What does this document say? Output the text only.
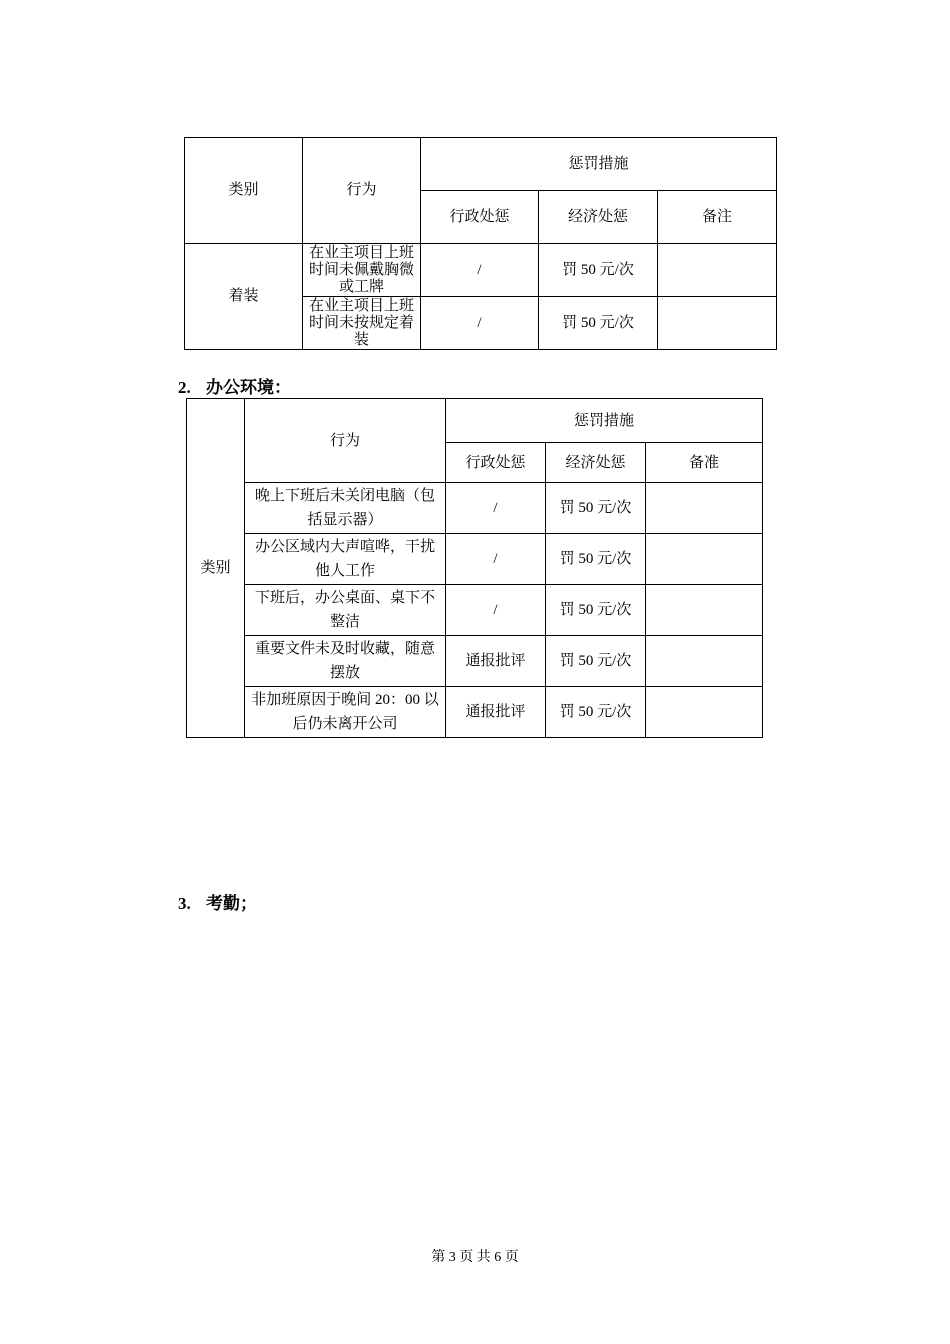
类别	行为	惩罚措施		
		行政处惩	经济处惩	备注
着装	在业主项目上班时间未佩戴胸微或工牌	/	罚 50 元/次	
	在业主项目上班时间未按规定着装	/	罚 50 元/次	

2. 办公环境：

类别	行为	惩罚措施		
		行政处惩	经济处惩	备准
	晚上下班后未关闭电脑（包括显示器）	/	罚 50 元/次	
	办公区域内大声喧哗，干扰他人工作	/	罚 50 元/次	
	下班后，办公桌面、桌下不整洁	/	罚 50 元/次	
	重要文件未及时收藏，随意摆放	通报批评	罚 50 元/次	
	非加班原因于晚间 20：00 以后仍未离开公司	通报批评	罚 50 元/次	

3. 考勤；

第 3 页 共 6 页
